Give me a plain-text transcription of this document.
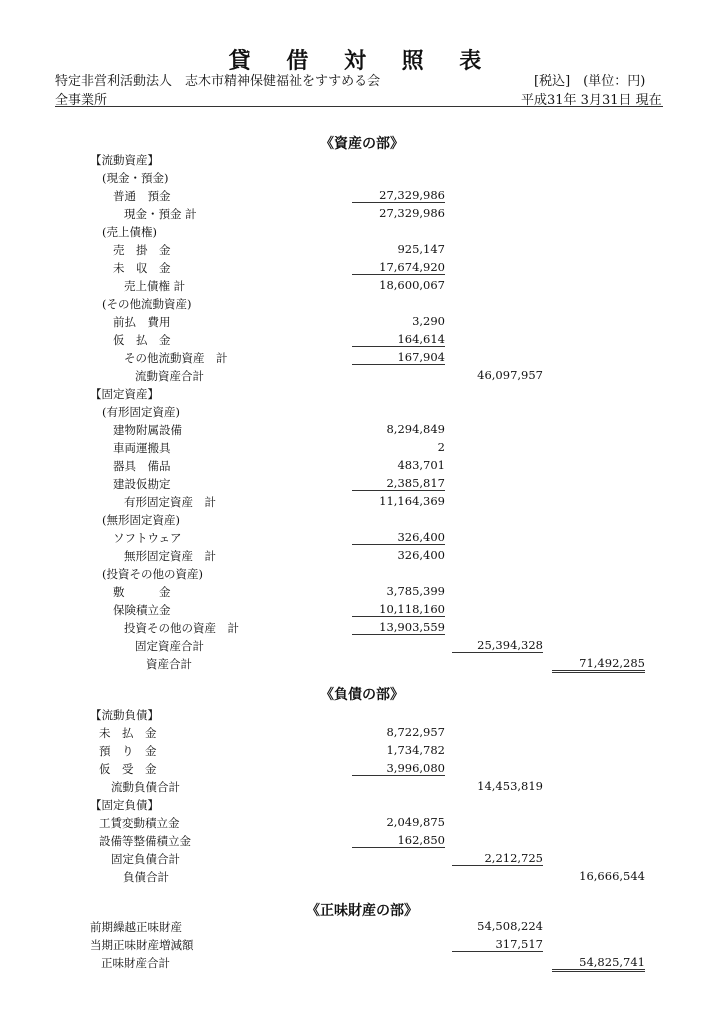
貸 借 対 照 表
特定非営利活動法人　志木市精神保健福祉をすすめる会	[税込]　(単位：円)
全事業所	平成31年 3月31日 現在
《資産の部》
《負債の部》
《正味財産の部》
【流動資産】
(現金・預金)
普通　預金	27,329,986
現金・預金 計	27,329,986
(売上債権)
売　掛　金	925,147
未　収　金	17,674,920
売上債権 計	18,600,067
(その他流動資産)
前払　費用	3,290
仮　払　金	164,614
その他流動資産　計	167,904
流動資産合計	46,097,957
【固定資産】
(有形固定資産)
建物附属設備	8,294,849
車両運搬具	2
器具　備品	483,701
建設仮勘定	2,385,817
有形固定資産　計	11,164,369
(無形固定資産)
ソフトウェア	326,400
無形固定資産　計	326,400
(投資その他の資産)
敷　　　金	3,785,399
保険積立金	10,118,160
投資その他の資産　計	13,903,559
固定資産合計	25,394,328
資産合計	71,492,285
【流動負債】
未　払　金	8,722,957
預　り　金	1,734,782
仮　受　金	3,996,080
流動負債合計	14,453,819
【固定負債】
工賃変動積立金	2,049,875
設備等整備積立金	162,850
固定負債合計	2,212,725
負債合計	16,666,544
前期繰越正味財産	54,508,224
当期正味財産増減額	317,517
正味財産合計	54,825,741
